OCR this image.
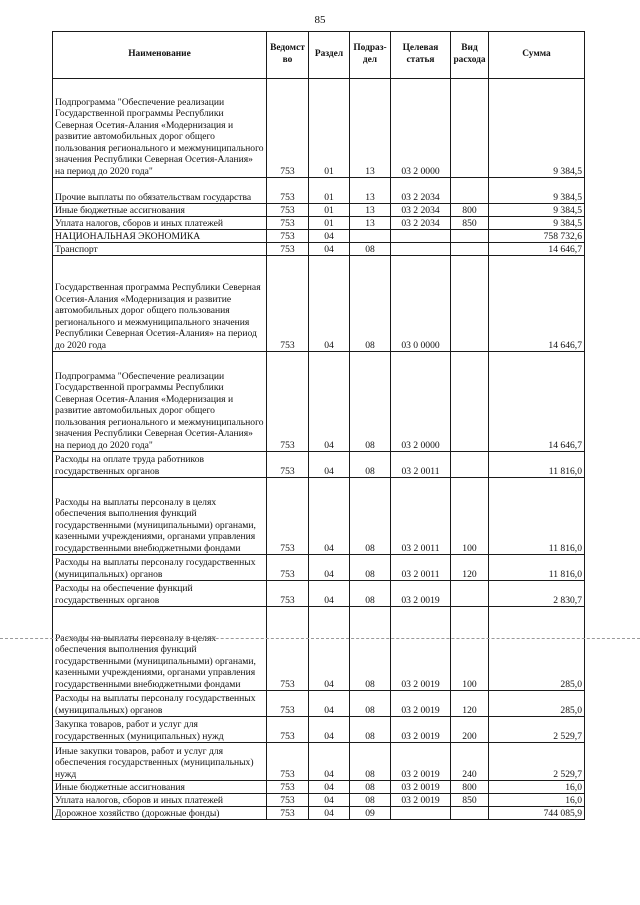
85
Наименование	Ведомст во	Раздел	Подраз- дел	Целевая статья	Вид расхода	Сумма
Подпрограмма "Обеспечение реализации Государственной программы Республики Северная Осетия-Алания «Модернизация и развитие автомобильных дорог общего пользования регионального и межмуниципального значения Республики Северная Осетия-Алания» на период до 2020 года"	753	01	13	03 2 0000		9 384,5
Прочие выплаты по обязательствам государства	753	01	13	03 2 2034		9 384,5
Иные бюджетные ассигнования	753	01	13	03 2 2034	800	9 384,5
Уплата налогов, сборов и иных платежей	753	01	13	03 2 2034	850	9 384,5
НАЦИОНАЛЬНАЯ ЭКОНОМИКА	753	04				758 732,6
Транспорт	753	04	08			14 646,7
Государственная программа Республики Северная Осетия-Алания «Модернизация и развитие автомобильных дорог общего пользования регионального и межмуниципального значения Республики Северная Осетия-Алания» на период до 2020 года	753	04	08	03 0 0000		14 646,7
Подпрограмма "Обеспечение реализации Государственной программы Республики Северная Осетия-Алания «Модернизация и развитие автомобильных дорог общего пользования регионального и межмуниципального значения Республики Северная Осетия-Алания» на период до 2020 года"	753	04	08	03 2 0000		14 646,7
Расходы на оплате труда работников государственных органов	753	04	08	03 2 0011		11 816,0
Расходы на выплаты персоналу в целях обеспечения выполнения функций государственными (муниципальными) органами, казенными учреждениями, органами управления государственными внебюджетными фондами	753	04	08	03 2 0011	100	11 816,0
Расходы на выплаты персоналу государственных (муниципальных) органов	753	04	08	03 2 0011	120	11 816,0
Расходы на обеспечение функций государственных органов	753	04	08	03 2 0019		2 830,7
Расходы на выплаты персоналу в целях обеспечения выполнения функций государственными (муниципальными) органами, казенными учреждениями, органами управления государственными внебюджетными фондами	753	04	08	03 2 0019	100	285,0
Расходы на выплаты персоналу государственных (муниципальных) органов	753	04	08	03 2 0019	120	285,0
Закупка товаров, работ и услуг для государственных (муниципальных) нужд	753	04	08	03 2 0019	200	2 529,7
Иные закупки товаров, работ и услуг для обеспечения государственных (муниципальных) нужд	753	04	08	03 2 0019	240	2 529,7
Иные бюджетные ассигнования	753	04	08	03 2 0019	800	16,0
Уплата налогов, сборов и иных платежей	753	04	08	03 2 0019	850	16,0
Дорожное хозяйство (дорожные фонды)	753	04	09			744 085,9
